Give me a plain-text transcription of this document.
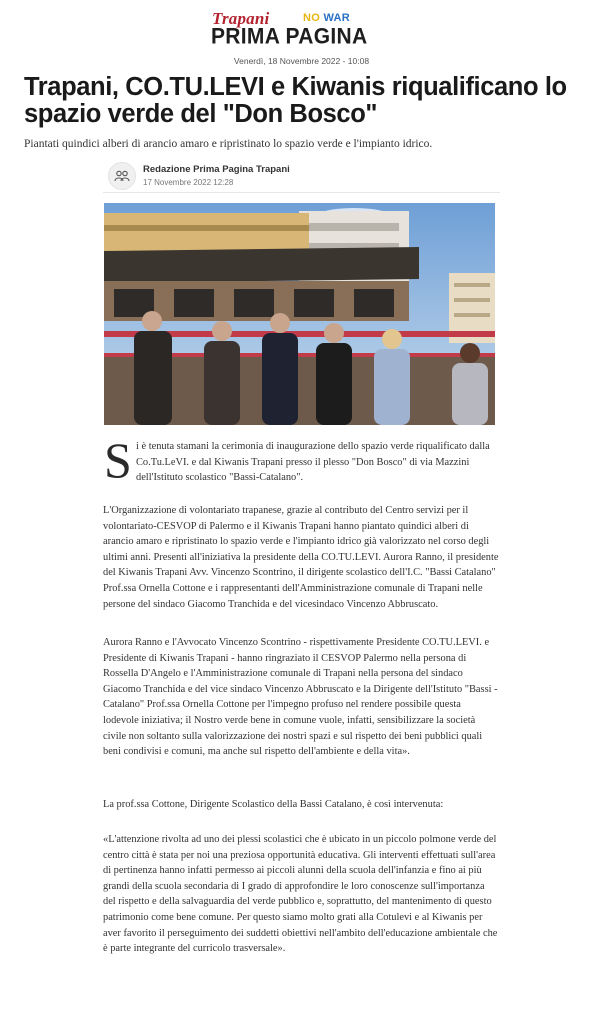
Trapani	NO WAR
PRIMA PAGINA
Venerdì, 18 Novembre 2022 - 10:08
Trapani, CO.TU.LEVI e Kiwanis riqualificano lo spazio verde del "Don Bosco"
Piantati quindici alberi di arancio amaro e ripristinato lo spazio verde e l'impianto idrico.
Redazione Prima Pagina Trapani
17 Novembre 2022 12:28
S i è tenuta stamani la cerimonia di inaugurazione dello spazio verde riqualificato dalla Co.Tu.LeVI. e dal Kiwanis Trapani presso il plesso "Don Bosco" di via Mazzini dell'Istituto scolastico "Bassi-Catalano".

L'Organizzazione di volontariato trapanese, grazie al contributo del Centro servizi per il volontariato-CESVOP di Palermo e il Kiwanis Trapani hanno piantato quindici alberi di arancio amaro e ripristinato lo spazio verde e l'impianto idrico già valorizzato nel corso degli ultimi anni. Presenti all'iniziativa la presidente della CO.TU.LEVI. Aurora Ranno, il presidente del Kiwanis Trapani Avv. Vincenzo Scontrino, il dirigente scolastico dell'I.C. "Bassi Catalano" Prof.ssa Ornella Cottone e i rappresentanti dell'Amministrazione comunale di Trapani nelle persone del sindaco Giacomo Tranchida e del vicesindaco Vincenzo Abbruscato.

Aurora Ranno e l'Avvocato Vincenzo Scontrino - rispettivamente Presidente CO.TU.LEVI. e Presidente di Kiwanis Trapani - hanno ringraziato il CESVOP Palermo nella persona di Rossella D'Angelo e l'Amministrazione comunale di Trapani nella persona del sindaco Giacomo Tranchida e del vice sindaco Vincenzo Abbruscato e la Dirigente dell'Istituto "Bassi - Catalano" Prof.ssa Ornella Cottone per l'impegno profuso nel rendere possibile questa lodevole iniziativa; il Nostro verde bene in comune vuole, infatti, sensibilizzare la società civile non soltanto sulla valorizzazione dei nostri spazi e sul rispetto dei beni pubblici quali beni condivisi e comuni, ma anche sul rispetto dell'ambiente e della vita».

La prof.ssa Cottone, Dirigente Scolastico della Bassi Catalano, è così intervenuta:

«L'attenzione rivolta ad uno dei plessi scolastici che è ubicato in un piccolo polmone verde del centro città è stata per noi una preziosa opportunità educativa. Gli interventi effettuati sull'area di pertinenza hanno infatti permesso ai piccoli alunni della scuola dell'infanzia e fino ai più grandi della scuola secondaria di I grado di approfondire le loro conoscenze sull'importanza del rispetto e della salvaguardia del verde pubblico e, soprattutto, del mantenimento di questo patrimonio come bene comune. Per questo siamo molto grati alla Cotulevi e al Kiwanis per aver favorito il perseguimento dei suddetti obiettivi nell'ambito dell'educazione ambientale che è parte integrante del curricolo trasversale».
